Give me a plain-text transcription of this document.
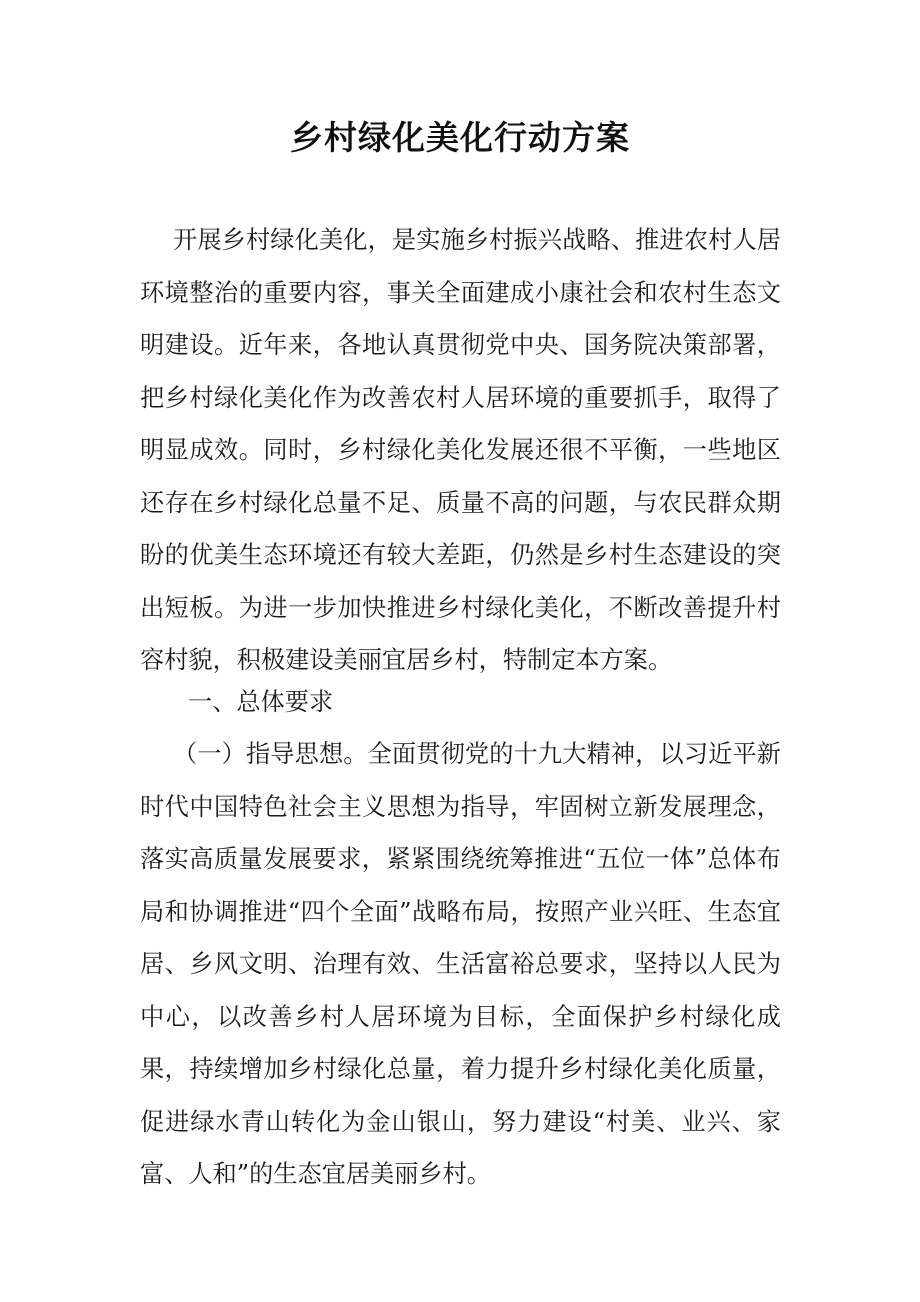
乡村绿化美化行动方案

开展乡村绿化美化，是实施乡村振兴战略、推进农村人居环境整治的重要内容，事关全面建成小康社会和农村生态文明建设。近年来，各地认真贯彻党中央、国务院决策部署，把乡村绿化美化作为改善农村人居环境的重要抓手，取得了明显成效。同时，乡村绿化美化发展还很不平衡，一些地区还存在乡村绿化总量不足、质量不高的问题，与农民群众期盼的优美生态环境还有较大差距，仍然是乡村生态建设的突出短板。为进一步加快推进乡村绿化美化，不断改善提升村容村貌，积极建设美丽宜居乡村，特制定本方案。

一、总体要求

（一）指导思想。全面贯彻党的十九大精神，以习近平新时代中国特色社会主义思想为指导，牢固树立新发展理念，落实高质量发展要求，紧紧围绕统筹推进“五位一体”总体布局和协调推进“四个全面”战略布局，按照产业兴旺、生态宜居、乡风文明、治理有效、生活富裕总要求，坚持以人民为中心，以改善乡村人居环境为目标，全面保护乡村绿化成果，持续增加乡村绿化总量，着力提升乡村绿化美化质量，促进绿水青山转化为金山银山，努力建设“村美、业兴、家富、人和”的生态宜居美丽乡村。
